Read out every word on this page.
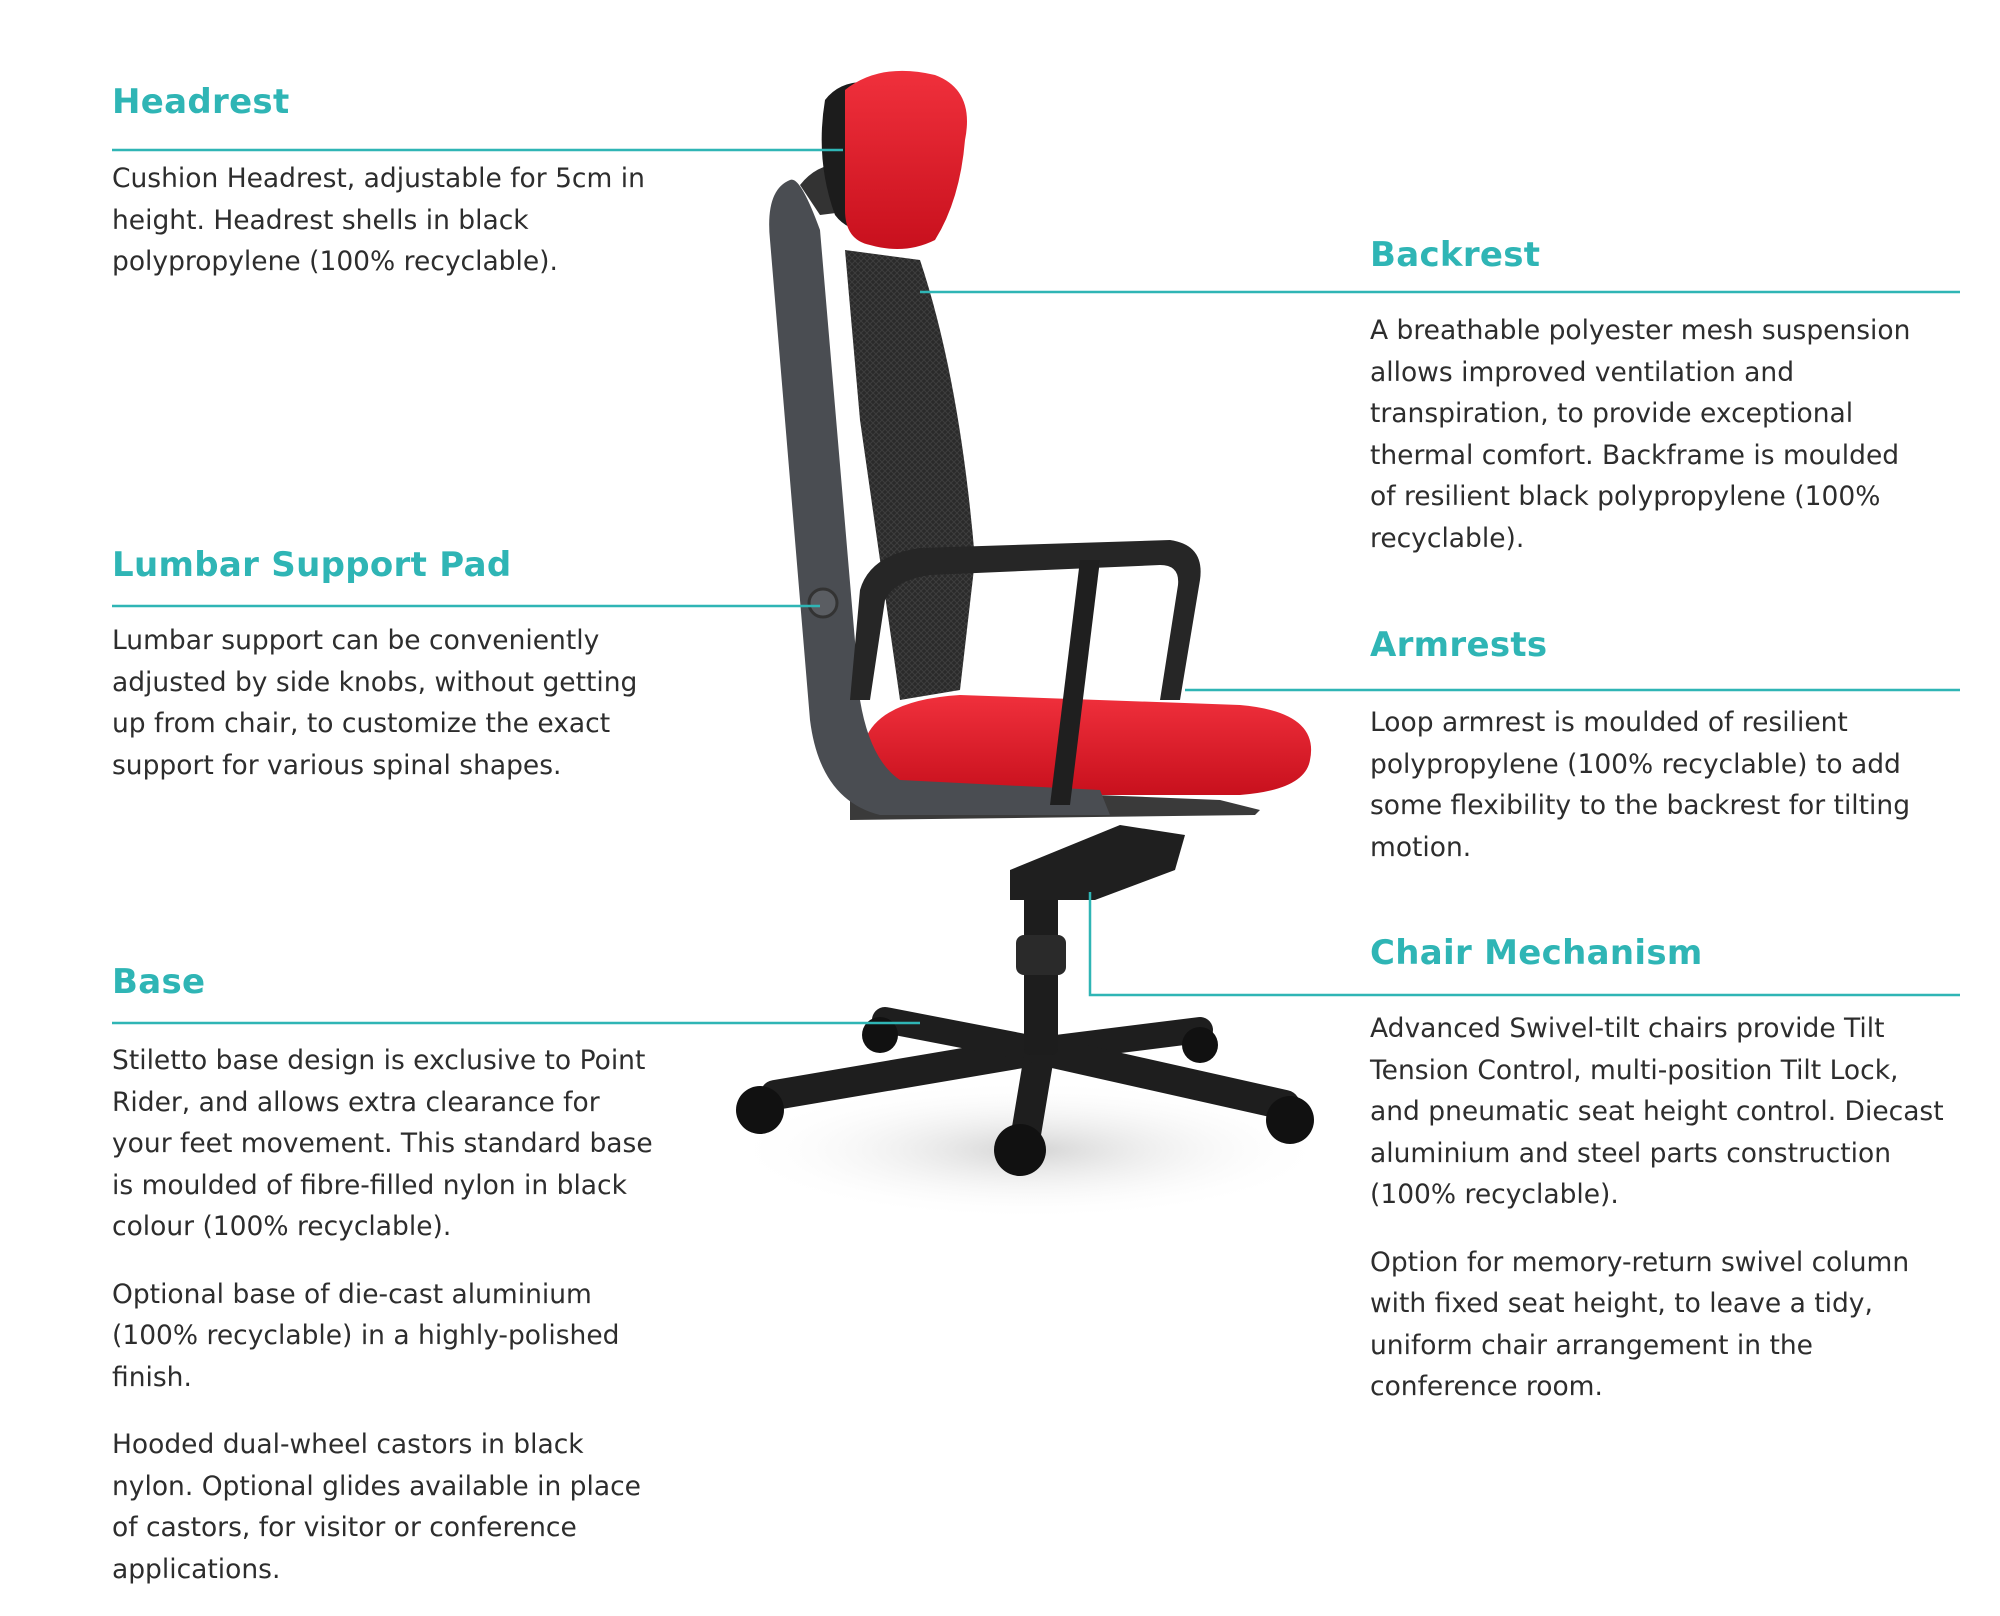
Headrest

Cushion Headrest, adjustable for 5cm in height. Headrest shells in black polypropylene (100% recyclable).

Lumbar Support Pad

Lumbar support can be conveniently adjusted by side knobs, without getting up from chair, to customize the exact support for various spinal shapes.

Base

Stiletto base design is exclusive to Point Rider, and allows extra clearance for your feet movement. This standard base is moulded of fibre-filled nylon in black colour (100% recyclable).

Optional base of die-cast aluminium (100% recyclable) in a highly-polished finish.

Hooded dual-wheel castors in black nylon. Optional glides available in place of castors, for visitor or conference applications.

Backrest

A breathable polyester mesh suspension allows improved ventilation and transpiration, to provide exceptional thermal comfort. Backframe is moulded of resilient black polypropylene (100% recyclable).

Armrests

Loop armrest is moulded of resilient polypropylene (100% recyclable) to add some flexibility to the backrest for tilting motion.

Chair Mechanism

Advanced Swivel-tilt chairs provide Tilt Tension Control, multi-position Tilt Lock, and pneumatic seat height control. Diecast aluminium and steel parts construction (100% recyclable).

Option for memory-return swivel column with fixed seat height, to leave a tidy, uniform chair arrangement in the conference room.
